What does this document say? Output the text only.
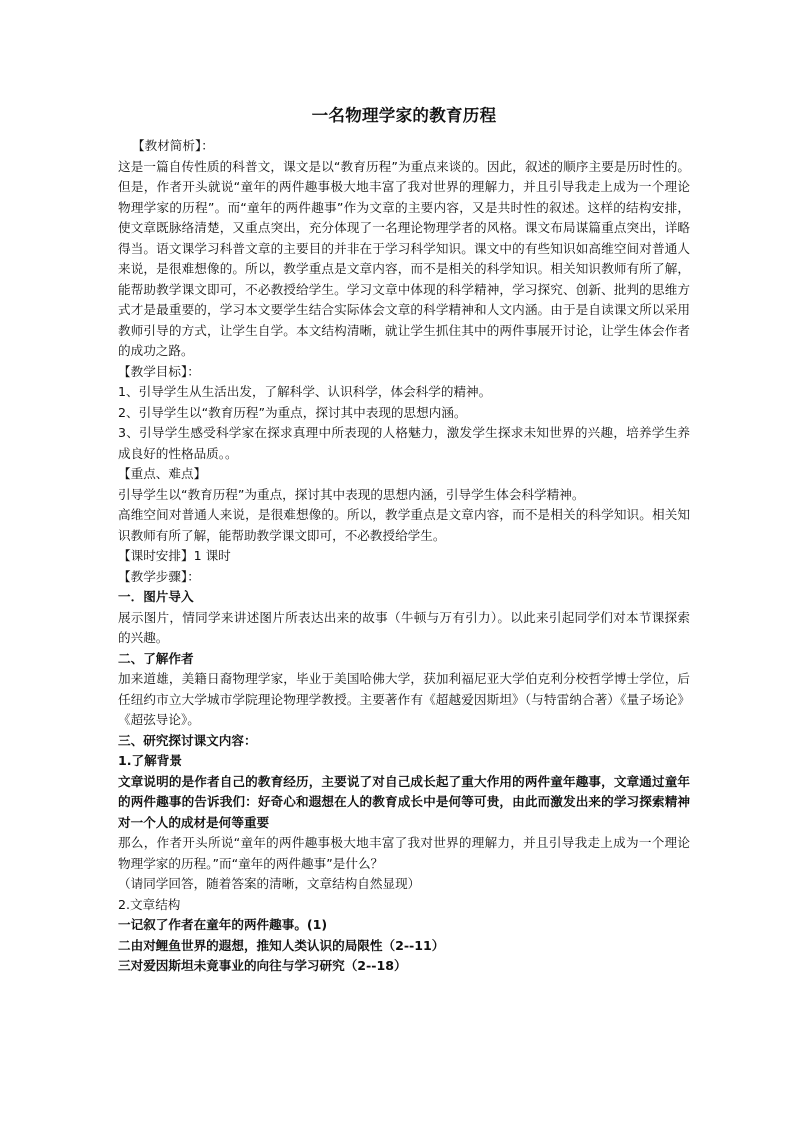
一名物理学家的教育历程

【教材简析】：

这是一篇自传性质的科普文，课文是以“教育历程”为重点来谈的。因此，叙述的顺序主要是历时性的。但是，作者开头就说“童年的两件趣事极大地丰富了我对世界的理解力，并且引导我走上成为一个理论物理学家的历程”。而“童年的两件趣事”作为文章的主要内容，又是共时性的叙述。这样的结构安排，使文章既脉络清楚，又重点突出，充分体现了一名理论物理学者的风格。课文布局谋篇重点突出，详略得当。语文课学习科普文章的主要目的并非在于学习科学知识。课文中的有些知识如高维空间对普通人来说，是很难想像的。所以，教学重点是文章内容，而不是相关的科学知识。相关知识教师有所了解，能帮助教学课文即可，不必教授给学生。学习文章中体现的科学精神，学习探究、创新、批判的思维方式才是最重要的，学习本文要学生结合实际体会文章的科学精神和人文内涵。由于是自读课文所以采用教师引导的方式，让学生自学。本文结构清晰，就让学生抓住其中的两件事展开讨论，让学生体会作者的成功之路。

【教学目标】：

1、引导学生从生活出发，了解科学、认识科学，体会科学的精神。

2、引导学生以“教育历程”为重点，探讨其中表现的思想内涵。

3、引导学生感受科学家在探求真理中所表现的人格魅力，激发学生探求未知世界的兴趣，培养学生养成良好的性格品质。。

【重点、难点】

引导学生以“教育历程”为重点，探讨其中表现的思想内涵，引导学生体会科学精神。

高维空间对普通人来说，是很难想像的。所以，教学重点是文章内容，而不是相关的科学知识。相关知识教师有所了解，能帮助教学课文即可，不必教授给学生。

【课时安排】1 课时

【教学步骤】：

一．图片导入

展示图片，情同学来讲述图片所表达出来的故事（牛顿与万有引力）。以此来引起同学们对本节课探索的兴趣。

二、了解作者

加来道雄，美籍日裔物理学家，毕业于美国哈佛大学，获加利福尼亚大学伯克利分校哲学博士学位，后任纽约市立大学城市学院理论物理学教授。主要著作有《超越爱因斯坦》（与特雷纳合著）《量子场论》《超弦导论》。

三、研究探讨课文内容：

1.了解背景

文章说明的是作者自己的教育经历，主要说了对自己成长起了重大作用的两件童年趣事，文章通过童年的两件趣事的告诉我们：好奇心和遐想在人的教育成长中是何等可贵，由此而激发出来的学习探索精神对一个人的成材是何等重要

那么，作者开头所说“童年的两件趣事极大地丰富了我对世界的理解力，并且引导我走上成为一个理论物理学家的历程。”而“童年的两件趣事”是什么？

（请同学回答，随着答案的清晰，文章结构自然显现）

2.文章结构

一记叙了作者在童年的两件趣事。(1)

二由对鲤鱼世界的遐想，推知人类认识的局限性（2--11）

三对爱因斯坦未竟事业的向往与学习研究（2--18）
